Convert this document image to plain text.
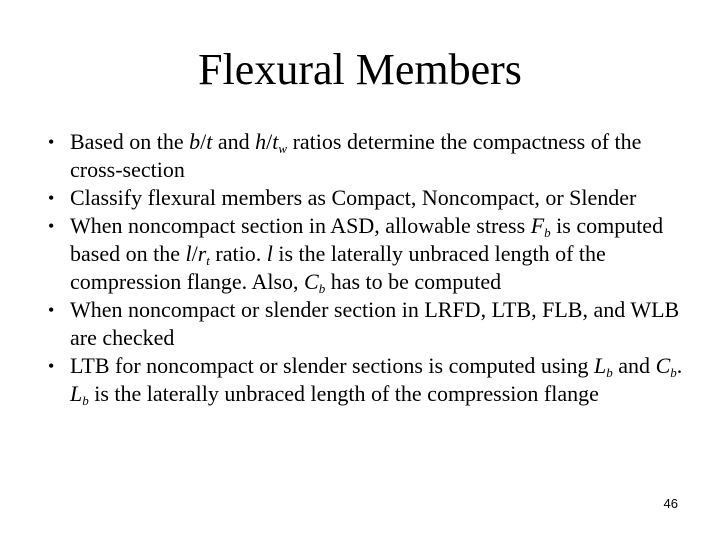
Flexural Members
• Based on the b/t and $h/t_w$ ratios determine the compactness of the cross-section
• Classify flexural members as Compact, Noncompact, or Slender
• When noncompact section in ASD, allowable stress $F_b$ is computed based on the $l/r_t$ ratio. l is the laterally unbraced length of the compression flange. Also, $C_b$ has to be computed
• When noncompact or slender section in LRFD, LTB, FLB, and WLB are checked
• LTB for noncompact or slender sections is computed using $L_b$ and $C_b$. $L_b$ is the laterally unbraced length of the compression flange
46
